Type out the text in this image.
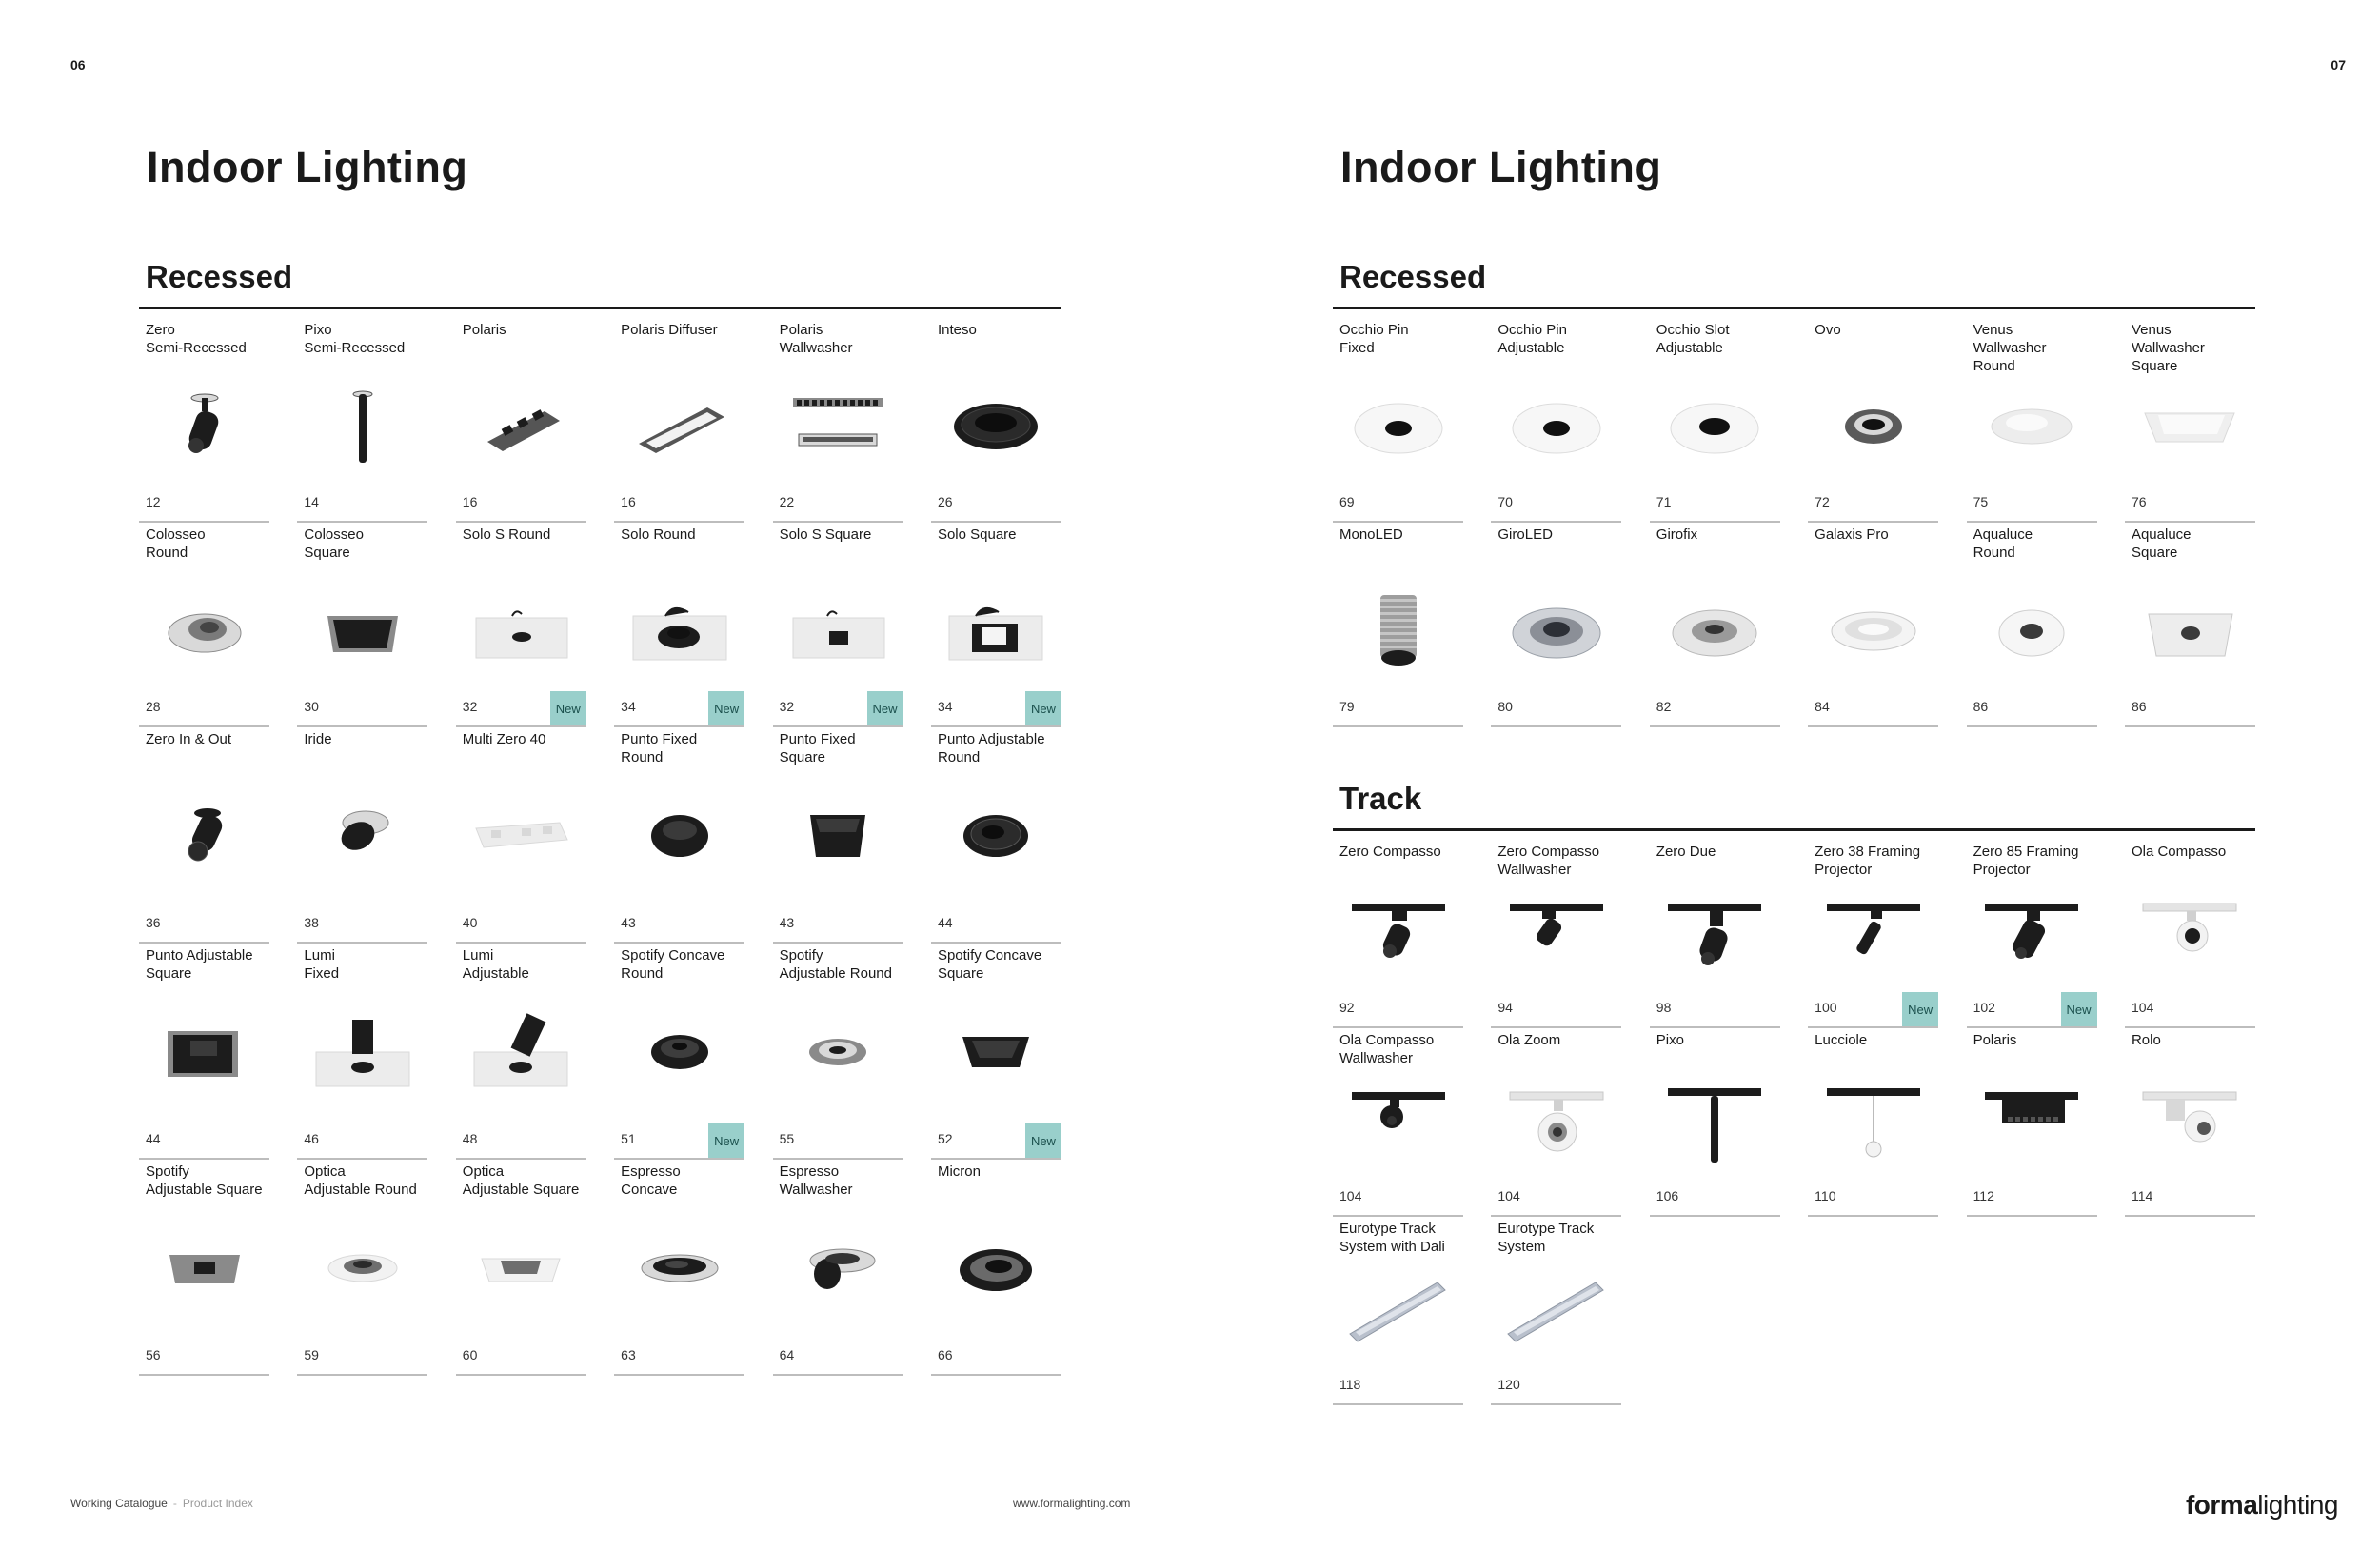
06	07
Indoor Lighting
Recessed
Zero
Semi-Recessed
12
Pixo
Semi-Recessed
14
Polaris
16
Polaris Diffuser
16
Polaris
Wallwasher
22
Inteso
26
Colosseo
Round
28
Colosseo
Square
30
Solo S Round
32	New
Solo Round
34	New
Solo S Square
32	New
Solo Square
34	New
Zero In & Out
36
Iride
38
Multi Zero 40
40
Punto Fixed
Round
43
Punto Fixed
Square
43
Punto Adjustable
Round
44
Punto Adjustable
Square
44
Lumi
Fixed
46
Lumi
Adjustable
48
Spotify Concave
Round
51	New
Spotify
Adjustable Round
55
Spotify Concave
Square
52	New
Spotify
Adjustable Square
56
Optica
Adjustable Round
59
Optica
Adjustable Square
60
Espresso
Concave
63
Espresso
Wallwasher
64
Micron
66
Indoor Lighting
Recessed
Occhio Pin
Fixed
69
Occhio Pin
Adjustable
70
Occhio Slot
Adjustable
71
Ovo
72
Venus
Wallwasher
Round
75
Venus
Wallwasher
Square
76
MonoLED
79
GiroLED
80
Girofix
82
Galaxis Pro
84
Aqualuce
Round
86
Aqualuce
Square
86
Track
Zero Compasso
92
Zero Compasso
Wallwasher
94
Zero Due
98
Zero 38 Framing
Projector
100	New
Zero 85 Framing
Projector
102	New
Ola Compasso
104
Ola Compasso
Wallwasher
104
Ola Zoom
104
Pixo
106
Lucciole
110
Polaris
112
Rolo
114
Eurotype Track
System with Dali
118
Eurotype Track
System
120
Working Catalogue - Product Index	www.formalighting.com	formalighting
